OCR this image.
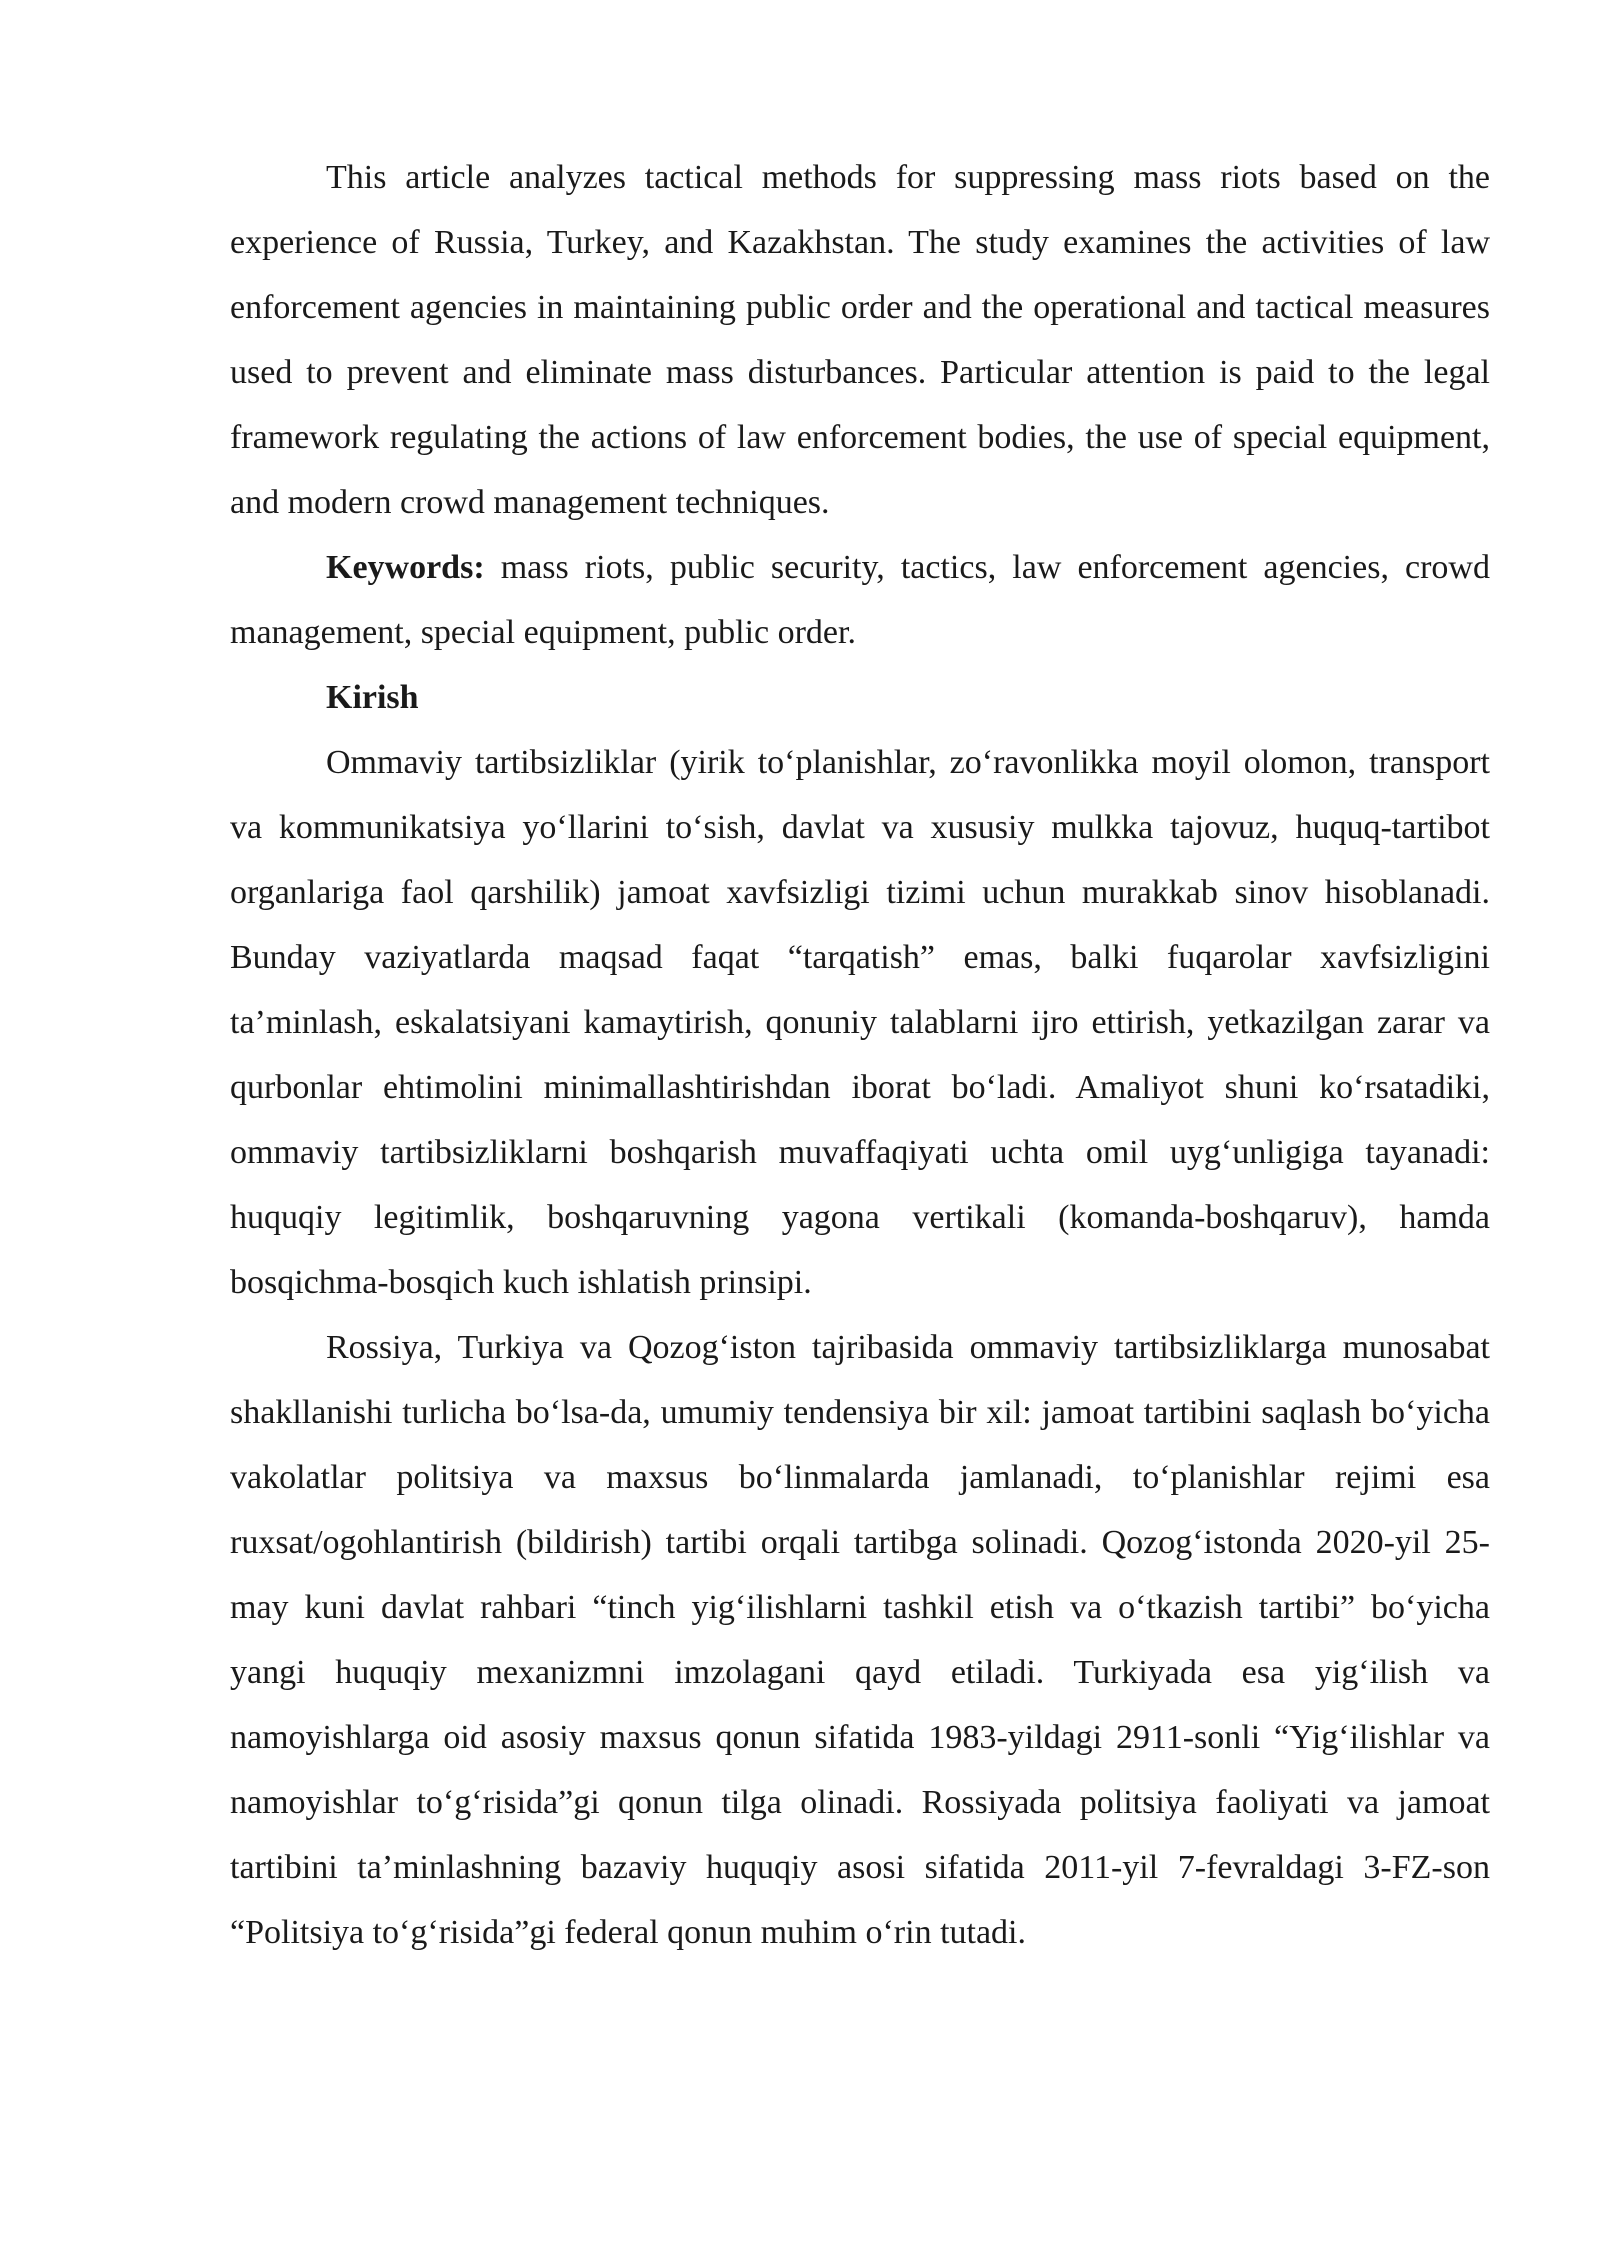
This article analyzes tactical methods for suppressing mass riots based on the experience of Russia, Turkey, and Kazakhstan. The study examines the activities of law enforcement agencies in maintaining public order and the operational and tactical measures used to prevent and eliminate mass disturbances. Particular attention is paid to the legal framework regulating the actions of law enforcement bodies, the use of special equipment, and modern crowd management techniques.

Keywords: mass riots, public security, tactics, law enforcement agencies, crowd management, special equipment, public order.

Kirish

Ommaviy tartibsizliklar (yirik to‘planishlar, zo‘ravonlikka moyil olomon, transport va kommunikatsiya yo‘llarini to‘sish, davlat va xususiy mulkka tajovuz, huquq-tartibot organlariga faol qarshilik) jamoat xavfsizligi tizimi uchun murakkab sinov hisoblanadi. Bunday vaziyatlarda maqsad faqat “tarqatish” emas, balki fuqarolar xavfsizligini ta’minlash, eskalatsiyani kamaytirish, qonuniy talablarni ijro ettirish, yetkazilgan zarar va qurbonlar ehtimolini minimallashtirishdan iborat bo‘ladi. Amaliyot shuni ko‘rsatadiki, ommaviy tartibsizliklarni boshqarish muvaffaqiyati uchta omil uyg‘unligiga tayanadi: huquqiy legitimlik, boshqaruvning yagona vertikali (komanda-boshqaruv), hamda bosqichma-bosqich kuch ishlatish prinsipi.

Rossiya, Turkiya va Qozog‘iston tajribasida ommaviy tartibsizliklarga munosabat shakllanishi turlicha bo‘lsa-da, umumiy tendensiya bir xil: jamoat tartibini saqlash bo‘yicha vakolatlar politsiya va maxsus bo‘linmalarda jamlanadi, to‘planishlar rejimi esa ruxsat/ogohlantirish (bildirish) tartibi orqali tartibga solinadi. Qozog‘istonda 2020-yil 25-may kuni davlat rahbari “tinch yig‘ilishlarni tashkil etish va o‘tkazish tartibi” bo‘yicha yangi huquqiy mexanizmni imzolagani qayd etiladi. Turkiyada esa yig‘ilish va namoyishlarga oid asosiy maxsus qonun sifatida 1983-yildagi 2911-sonli “Yig‘ilishlar va namoyishlar to‘g‘risida”gi qonun tilga olinadi. Rossiyada politsiya faoliyati va jamoat tartibini ta’minlashning bazaviy huquqiy asosi sifatida 2011-yil 7-fevraldagi 3-FZ-son “Politsiya to‘g‘risida”gi federal qonun muhim o‘rin tutadi.
